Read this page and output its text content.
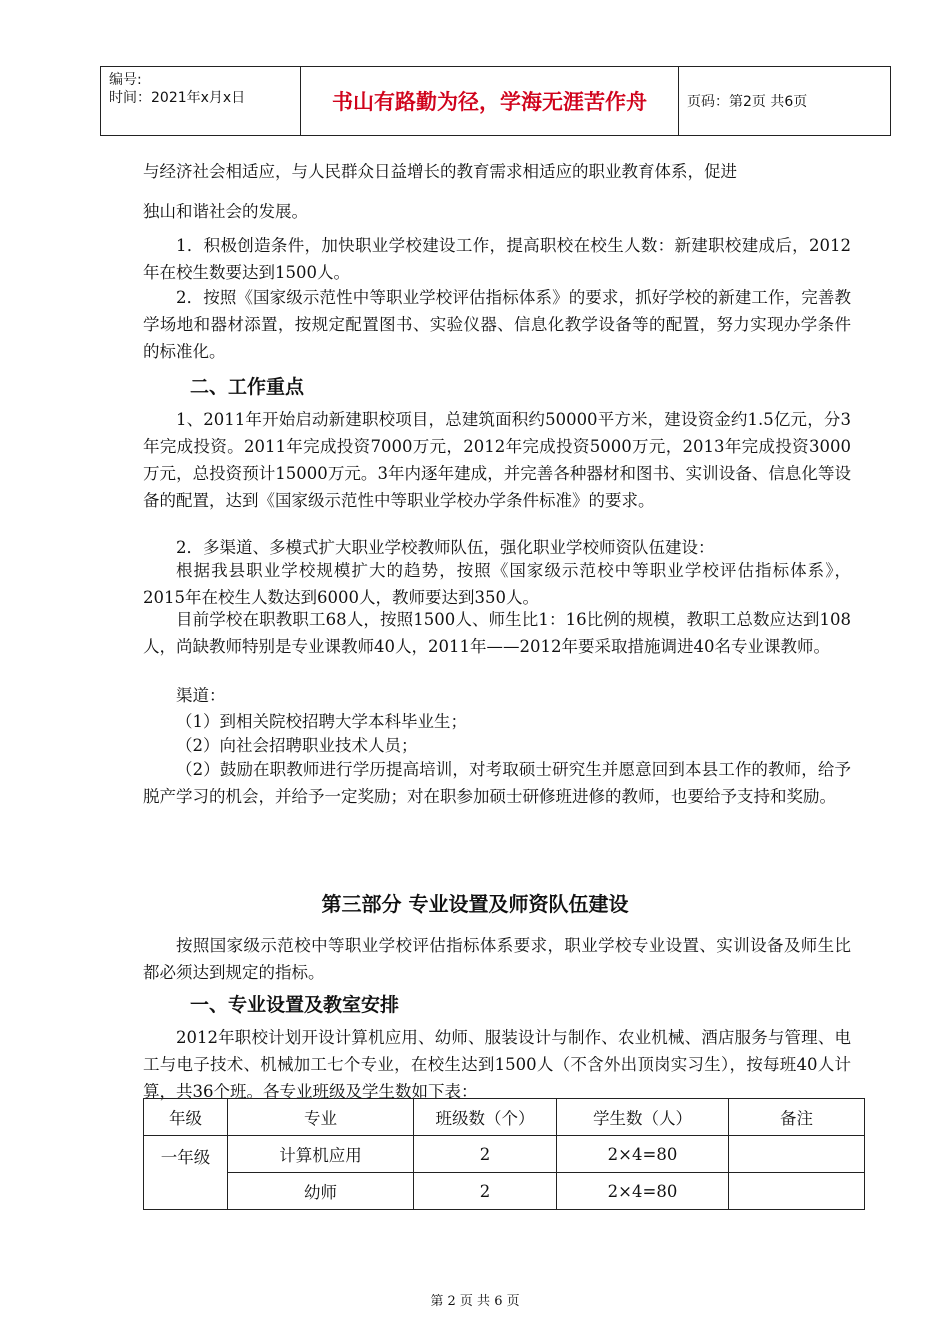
编号:
时间：2021年x月x日	书山有路勤为径，学海无涯苦作舟	页码：第2页 共6页

与经济社会相适应，与人民群众日益增长的教育需求相适应的职业教育体系，促进

独山和谐社会的发展。

1．积极创造条件，加快职业学校建设工作，提高职校在校生人数：新建职校建成后，2012年在校生数要达到1500人。

2．按照《国家级示范性中等职业学校评估指标体系》的要求，抓好学校的新建工作，完善教学场地和器材添置，按规定配置图书、实验仪器、信息化教学设备等的配置，努力实现办学条件的标准化。

二、工作重点

1、2011年开始启动新建职校项目，总建筑面积约50000平方米，建设资金约1.5亿元，分3年完成投资。2011年完成投资7000万元，2012年完成投资5000万元，2013年完成投资3000万元，总投资预计15000万元。3年内逐年建成，并完善各种器材和图书、实训设备、信息化等设备的配置，达到《国家级示范性中等职业学校办学条件标准》的要求。

2．多渠道、多模式扩大职业学校教师队伍，强化职业学校师资队伍建设：

根据我县职业学校规模扩大的趋势，按照《国家级示范校中等职业学校评估指标体系》，2015年在校生人数达到6000人，教师要达到350人。

目前学校在职教职工68人，按照1500人、师生比1：16比例的规模，教职工总数应达到108人，尚缺教师特别是专业课教师40人，2011年——2012年要采取措施调进40名专业课教师。

渠道：

（1）到相关院校招聘大学本科毕业生；

（2）向社会招聘职业技术人员；

（2）鼓励在职教师进行学历提高培训，对考取硕士研究生并愿意回到本县工作的教师，给予脱产学习的机会，并给予一定奖励；对在职参加硕士研修班进修的教师，也要给予支持和奖励。

第三部分 专业设置及师资队伍建设

按照国家级示范校中等职业学校评估指标体系要求，职业学校专业设置、实训设备及师生比都必须达到规定的指标。

一、专业设置及教室安排

2012年职校计划开设计算机应用、幼师、服装设计与制作、农业机械、酒店服务与管理、电工与电子技术、机械加工七个专业，在校生达到1500人（不含外出顶岗实习生），按每班40人计算，共36个班。各专业班级及学生数如下表：

年级	专业	班级数（个）	学生数（人）	备注
一年级	计算机应用	2	2×4=80	
	幼师	2	2×4=80	
第 2 页 共 6 页
